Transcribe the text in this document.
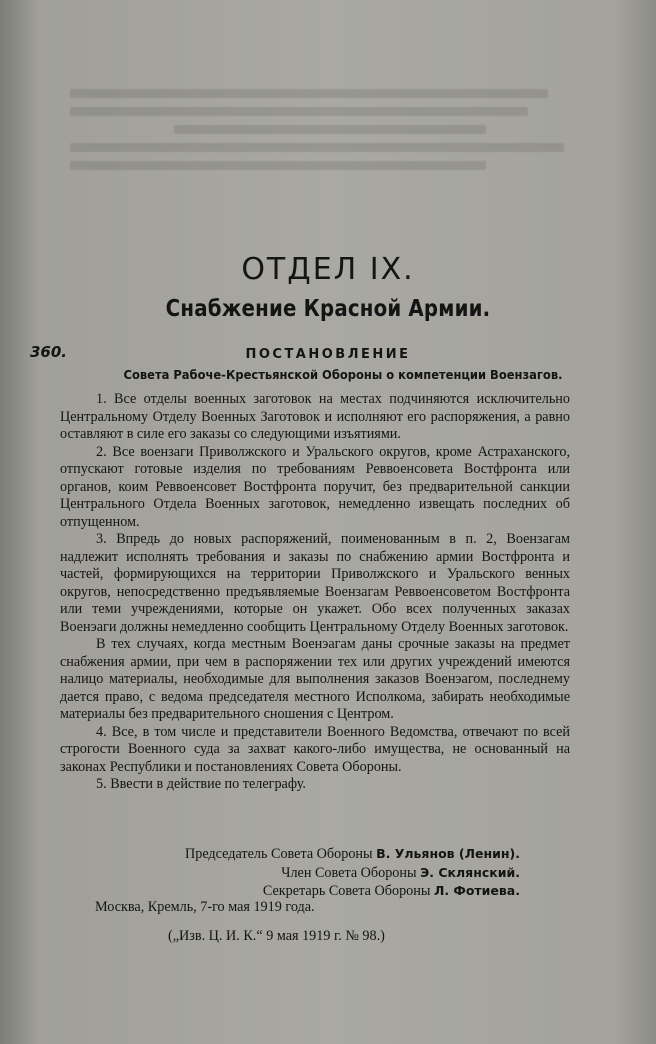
ОТДЕЛ IX.
Снабжение Красной Армии.
360.	ПОСТАНОВЛЕНИЕ
Совета Рабоче-Крестьянской Обороны о компетенции Воензагов.

1. Все отделы военных заготовок на местах подчиняются исключительно Центральному Отделу Военных Заготовок и исполняют его распоряжения, а равно оставляют в силе его заказы со следующими изъятиями.

2. Все воензаги Приволжского и Уральского округов, кроме Астраханского, отпускают готовые изделия по требованиям Реввоенсовета Востфронта или органов, коим Реввоенсовет Востфронта поручит, без предварительной санкции Центрального Отдела Военных заготовок, немедленно извещать последних об отпущенном.

3. Впредь до новых распоряжений, поименованным в п. 2, Воензагам надлежит исполнять требования и заказы по снабжению армии Востфронта и частей, формирующихся на территории Приволжского и Уральского венных округов, непосредственно предъявляемые Воензагам Реввоенсоветом Востфронта или теми учреждениями, которые он укажет. Обо всех полученных заказах Военэаги должны немедленно сообщить Центральному Отделу Военных заготовок.

В тех случаях, когда местным Военэагам даны срочные заказы на предмет снабжения армии, при чем в распоряжении тех или других учреждений имеются налицо материалы, необходимые для выполнения заказов Военэагом, последнему дается право, с ведома председателя местного Исполкома, забирать необходимые материалы без предварительного сношения с Центром.

4. Все, в том числе и представители Военного Ведомства, отвечают по всей строгости Военного суда за захват какого-либо имущества, не основанный на законах Республики и постановлениях Совета Обороны.

5. Ввести в действие по телеграфу.

Председатель Совета Обороны В. Ульянов (Ленин).
Член Совета Обороны Э. Склянский.
Секретарь Совета Обороны Л. Фотиева.
Москва, Кремль, 7-го мая 1919 года.
(„Изв. Ц. И. К.“ 9 мая 1919 г. № 98.)
